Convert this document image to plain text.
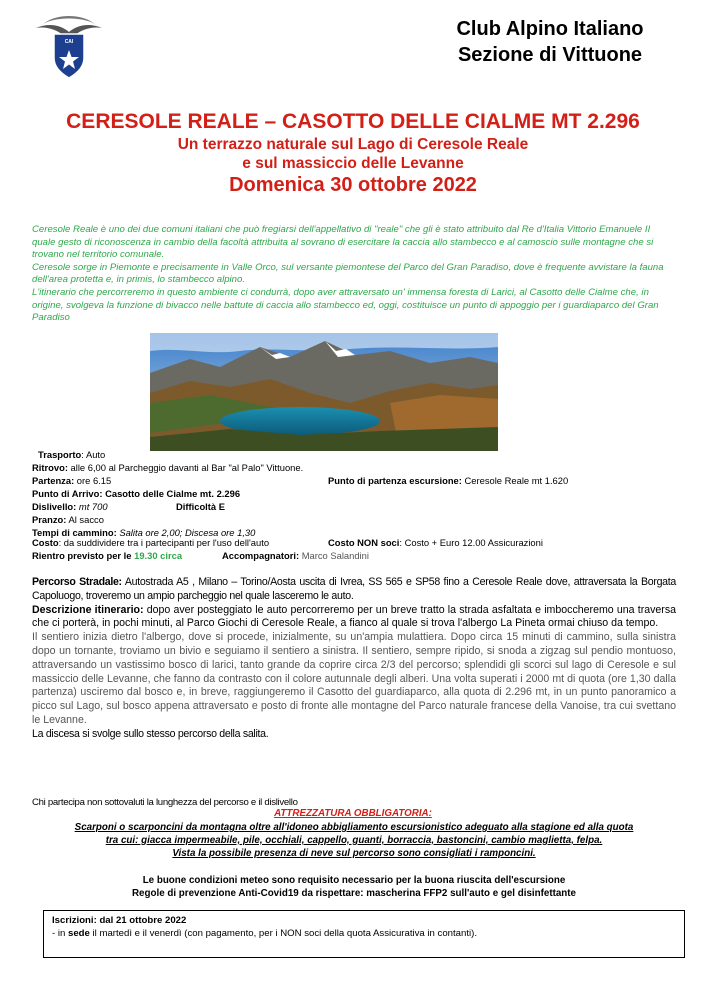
CAI
Club Alpino Italiano
Sezione di Vittuone
CERESOLE REALE – CASOTTO DELLE CIALME MT 2.296
Un terrazzo naturale sul Lago di Ceresole Reale
e sul massiccio delle Levanne
Domenica 30 ottobre 2022
Ceresole Reale è uno dei due comuni italiani che può fregiarsi dell'appellativo di "reale" che gli è stato attribuito dal Re d'Italia Vittorio Emanuele II quale gesto di riconoscenza in cambio della facoltà attribuita al sovrano di esercitare la caccia allo stambecco e al camoscio sulle montagne che si trovano nel territorio comunale.
Ceresole sorge in Piemonte e precisamente in Valle Orco, sul versante piemontese del Parco del Gran Paradiso, dove è frequente avvistare la fauna dell'area protetta e, in primis, lo stambecco alpino.
L'itinerario che percorreremo in questo ambiente ci condurrà, dopo aver attraversato un' immensa foresta di Larici, al Casotto delle Cialme che, in origine, svolgeva la funzione di bivacco nelle battute di caccia allo stambecco ed, oggi, costituisce un punto di appoggio per i guardiaparco del Gran Paradiso
Trasporto: Auto
Ritrovo: alle 6,00 al Parcheggio davanti al Bar "al Palo" Vittuone.
Partenza: ore 6.15	Punto di partenza escursione: Ceresole Reale mt 1.620
Punto di Arrivo: Casotto delle Cialme mt. 2.296
Dislivello: mt 700	Difficoltà E
Pranzo: Al sacco
Tempi di cammino: Salita ore 2,00; Discesa ore 1,30
Costo: da suddividere tra i partecipanti per l'uso dell'auto	Costo NON soci: Costo + Euro 12.00 Assicurazioni
Rientro previsto per le 19.30 circa	Accompagnatori: Marco Salandini

Percorso Stradale: Autostrada A5 , Milano – Torino/Aosta uscita di Ivrea, SS 565 e SP58 fino a Ceresole Reale dove, attraversata la Borgata Capoluogo, troveremo un ampio parcheggio nel quale lasceremo le auto.

Descrizione itinerario: dopo aver posteggiato le auto percorreremo per un breve tratto la strada asfaltata e imboccheremo una traversa che ci porterà, in pochi minuti, al Parco Giochi di Ceresole Reale, a fianco al quale si trova l'albergo La Pineta ormai chiuso da tempo.

Il sentiero inizia dietro l'albergo, dove si procede, inizialmente, su un'ampia mulattiera. Dopo circa 15 minuti di cammino, sulla sinistra dopo un tornante, troviamo un bivio e seguiamo il sentiero a sinistra. Il sentiero, sempre ripido, si snoda a zigzag sul pendio montuoso, attraversando un vastissimo bosco di larici, tanto grande da coprire circa 2/3 del percorso; splendidi gli scorci sul lago di Ceresole e sul massiccio delle Levanne, che fanno da contrasto con il colore autunnale degli alberi. Una volta superati i 2000 mt di quota (ore 1,30 dalla partenza) usciremo dal bosco e, in breve, raggiungeremo il Casotto del guardiaparco, alla quota di 2.296 mt, in un punto panoramico a picco sul Lago, sul bosco appena attraversato e posto di fronte alle montagne del Parco naturale francese della Vanoise, tra cui svettano le Levanne.

La discesa si svolge sullo stesso percorso della salita.

Chi partecipa non sottovaluti la lunghezza del percorso e il dislivello
ATTREZZATURA OBBLIGATORIA:
Scarponi o scarponcini da montagna oltre all'idoneo abbigliamento escursionistico adeguato alla stagione ed alla quota
tra cui: giacca impermeabile, pile, occhiali, cappello, guanti, borraccia, bastoncini, cambio maglietta, felpa.
Vista la possibile presenza di neve sul percorso sono consigliati i ramponcini.
Le buone condizioni meteo sono requisito necessario per la buona riuscita dell'escursione
Regole di prevenzione Anti-Covid19 da rispettare: mascherina FFP2 sull'auto e gel disinfettante
Iscrizioni: dal 21 ottobre 2022
- in sede il martedì e il venerdì (con pagamento, per i NON soci della quota Assicurativa in contanti).
